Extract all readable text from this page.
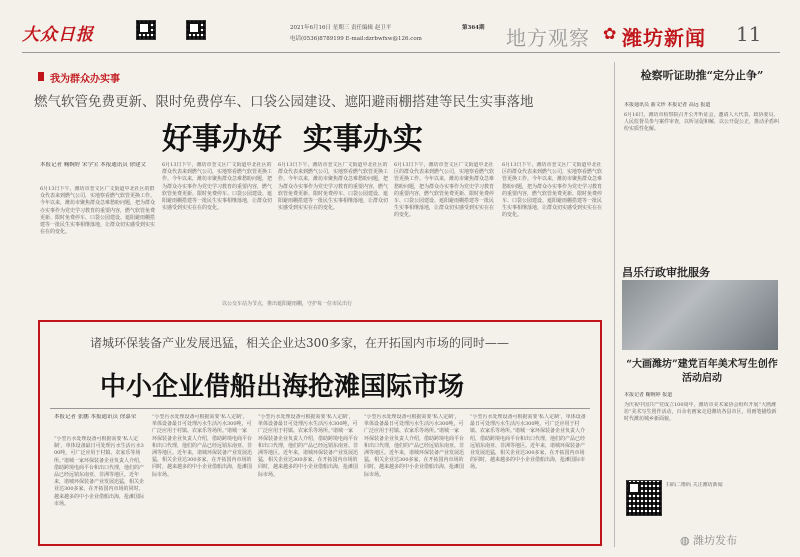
大众日报	2021年6月16日 星期三 责任编辑 赵卫平
电话(0536)8789199 E-mail:dzrbwfxw@126.com
第364期 地方观察 ✿ 潍坊新闻 11
我为群众办实事
燃气软管免费更新、限时免费停车、口袋公园建设、遮阳避雨棚搭建等民生实事落地
好事办好  实事办实
本报记者 鞠婉婷 宋学宝 本报通讯员 徐建文
6月13日下午，潍坊市奎文区广文街道中北社区的群众代表来到燃气公司，实地察看燃气软管更换工作。今年以来，潍坊市聚焦群众急难愁盼问题，把为群众办实事作为党史学习教育的重要内容，燃气软管免费更新、限时免费停车、口袋公园建设、遮阳避雨棚搭建等一批民生实事相继落地，让群众切实感受到实实在在的变化。
6月13日下午，潍坊市奎文区广文街道中北社区的群众代表来到燃气公司，实地察看燃气软管更换工作。今年以来，潍坊市聚焦群众急难愁盼问题，把为群众办实事作为党史学习教育的重要内容，燃气软管免费更新、限时免费停车、口袋公园建设、遮阳避雨棚搭建等一批民生实事相继落地，让群众切实感受到实实在在的变化。
6月13日下午，潍坊市奎文区广文街道中北社区的群众代表来到燃气公司，实地察看燃气软管更换工作。今年以来，潍坊市聚焦群众急难愁盼问题，把为群众办实事作为党史学习教育的重要内容，燃气软管免费更新、限时免费停车、口袋公园建设、遮阳避雨棚搭建等一批民生实事相继落地，让群众切实感受到实实在在的变化。
6月13日下午，潍坊市奎文区广文街道中北社区的群众代表来到燃气公司，实地察看燃气软管更换工作。今年以来，潍坊市聚焦群众急难愁盼问题，把为群众办实事作为党史学习教育的重要内容，燃气软管免费更新、限时免费停车、口袋公园建设、遮阳避雨棚搭建等一批民生实事相继落地，让群众切实感受到实实在在的变化。
6月13日下午，潍坊市奎文区广文街道中北社区的群众代表来到燃气公司，实地察看燃气软管更换工作。今年以来，潍坊市聚焦群众急难愁盼问题，把为群众办实事作为党史学习教育的重要内容，燃气软管免费更新、限时免费停车、口袋公园建设、遮阳避雨棚搭建等一批民生实事相继落地，让群众切实感受到实实在在的变化。
以公交车站为节点，推出遮阳避雨棚，守护每一位市民出行
诸城环保装备产业发展迅猛，相关企业达300多家，在开拓国内市场的同时——
中小企业借船出海抢滩国际市场
本报记者 张鹏 本报通讯员 徐嘉荣
“小型污水处理设备可根据需要‘私人定制’，单体设备最日可处理污水生活污水300吨，可广泛应用于村镇、农家乐等场所。”诸城一家环保装备企业负责人介绍，借助跨境电商平台和出口代理，他们的产品已经远销东南亚、非洲等地区。近年来，诸城环保装备产业发展迅猛，相关企业达300多家，在开拓国内市场的同时，越来越多的中小企业借船出海，抢滩国际市场。
“小型污水处理设备可根据需要‘私人定制’，单体设备最日可处理污水生活污水300吨，可广泛应用于村镇、农家乐等场所。”诸城一家环保装备企业负责人介绍，借助跨境电商平台和出口代理，他们的产品已经远销东南亚、非洲等地区。近年来，诸城环保装备产业发展迅猛，相关企业达300多家，在开拓国内市场的同时，越来越多的中小企业借船出海，抢滩国际市场。
“小型污水处理设备可根据需要‘私人定制’，单体设备最日可处理污水生活污水300吨，可广泛应用于村镇、农家乐等场所。”诸城一家环保装备企业负责人介绍，借助跨境电商平台和出口代理，他们的产品已经远销东南亚、非洲等地区。近年来，诸城环保装备产业发展迅猛，相关企业达300多家，在开拓国内市场的同时，越来越多的中小企业借船出海，抢滩国际市场。
“小型污水处理设备可根据需要‘私人定制’，单体设备最日可处理污水生活污水300吨，可广泛应用于村镇、农家乐等场所。”诸城一家环保装备企业负责人介绍，借助跨境电商平台和出口代理，他们的产品已经远销东南亚、非洲等地区。近年来，诸城环保装备产业发展迅猛，相关企业达300多家，在开拓国内市场的同时，越来越多的中小企业借船出海，抢滩国际市场。
“小型污水处理设备可根据需要‘私人定制’，单体设备最日可处理污水生活污水300吨，可广泛应用于村镇、农家乐等场所。”诸城一家环保装备企业负责人介绍，借助跨境电商平台和出口代理，他们的产品已经远销东南亚、非洲等地区。近年来，诸城环保装备产业发展迅猛，相关企业达300多家，在开拓国内市场的同时，越来越多的中小企业借船出海，抢滩国际市场。
检察听证助推“定分止争”
本报通讯员 曲文珍 本报记者 高远 报道
6月16日，潍坊市检察院召开公开听证会，邀请人大代表、政协委员、人民监督员参与案件审查，以听证促和解，以公开促公正，推动矛盾纠纷实质性化解。
昌乐行政审批服务
“大画潍坊”建党百年美术写生创作活动启动
本报记者 鞠婉婷 报道
为庆祝中国共产党成立100周年，潍坊市美术家协会组织开展“大画潍坊”美术写生创作活动，百余名画家走进潍坊各县市区，用画笔描绘新时代潍坊城乡新面貌。
扫码二维码 关注潍坊新闻
◍ 潍坊发布
